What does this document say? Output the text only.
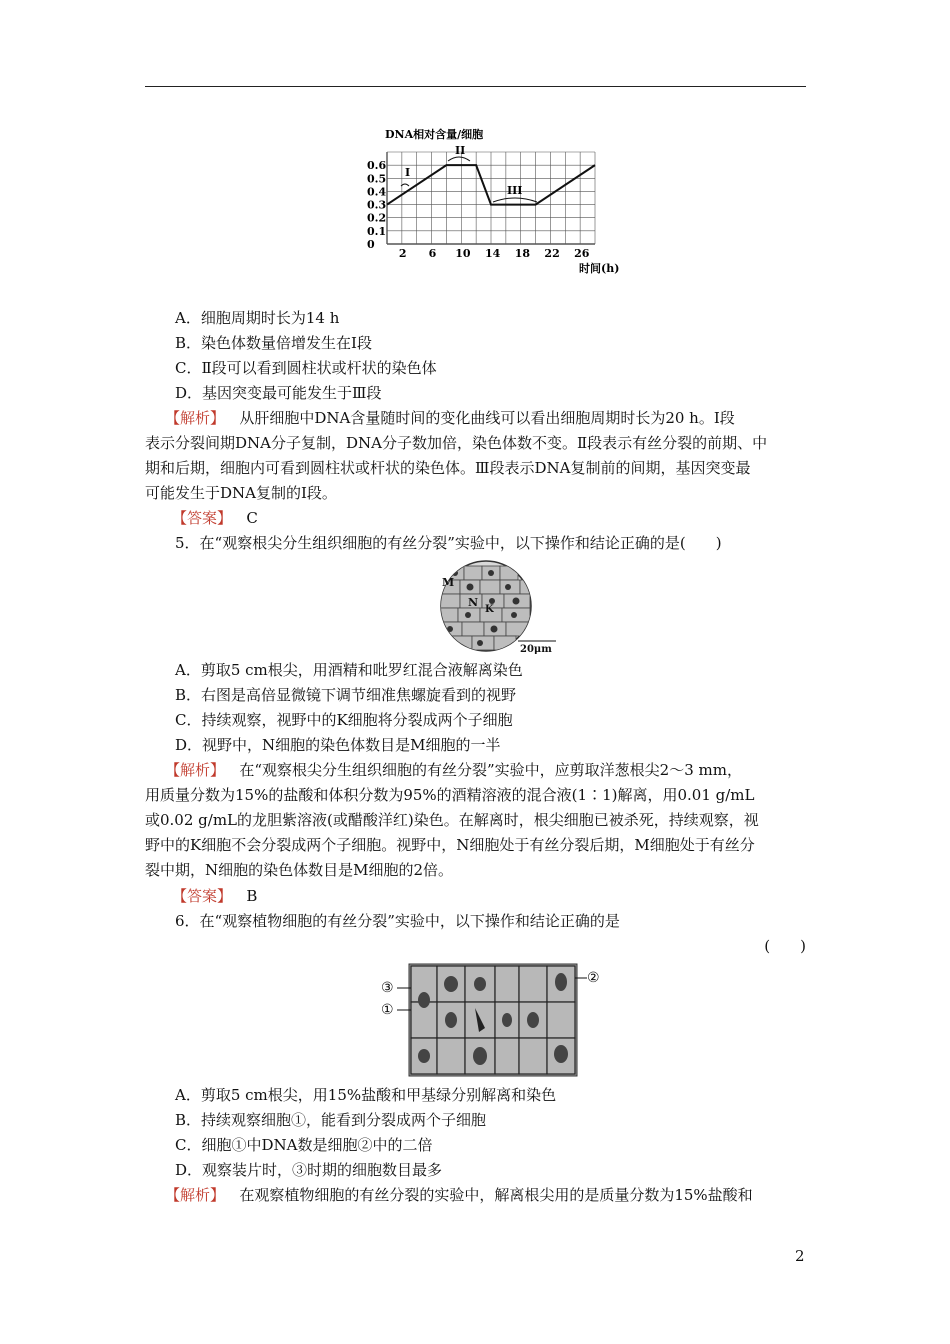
DNA相对含量/细胞
0.6
0.5
0.4
0.3
0.2
0.1
0
2 6 10 14 18 22 26
时间(h)
I
II
III
A．细胞周期时长为14 h
B．染色体数量倍增发生在Ⅰ段
C．Ⅱ段可以看到圆柱状或杆状的染色体
D．基因突变最可能发生于Ⅲ段
【解析】 从肝细胞中DNA含量随时间的变化曲线可以看出细胞周期时长为20 h。Ⅰ段
表示分裂间期DNA分子复制，DNA分子数加倍，染色体数不变。Ⅱ段表示有丝分裂的前期、中
期和后期，细胞内可看到圆柱状或杆状的染色体。Ⅲ段表示DNA复制前的间期，基因突变最
可能发生于DNA复制的Ⅰ段。
【答案】 C
5．在“观察根尖分生组织细胞的有丝分裂”实验中，以下操作和结论正确的是(　　)
M
N
K
20μm
A．剪取5 cm根尖，用酒精和吡罗红混合液解离染色
B．右图是高倍显微镜下调节细准焦螺旋看到的视野
C．持续观察，视野中的K细胞将分裂成两个子细胞
D．视野中，N细胞的染色体数目是M细胞的一半
【解析】 在“观察根尖分生组织细胞的有丝分裂”实验中，应剪取洋葱根尖2～3 mm，
用质量分数为15%的盐酸和体积分数为95%的酒精溶液的混合液(1∶1)解离，用0.01 g/mL
或0.02 g/mL的龙胆紫溶液(或醋酸洋红)染色。在解离时，根尖细胞已被杀死，持续观察，视
野中的K细胞不会分裂成两个子细胞。视野中，N细胞处于有丝分裂后期，M细胞处于有丝分
裂中期，N细胞的染色体数目是M细胞的2倍。
【答案】 B
6．在“观察植物细胞的有丝分裂”实验中，以下操作和结论正确的是
(　　)
③
①
②
A．剪取5 cm根尖，用15%盐酸和甲基绿分别解离和染色
B．持续观察细胞①，能看到分裂成两个子细胞
C．细胞①中DNA数是细胞②中的二倍
D．观察装片时，③时期的细胞数目最多
【解析】 在观察植物细胞的有丝分裂的实验中，解离根尖用的是质量分数为15%盐酸和
2
